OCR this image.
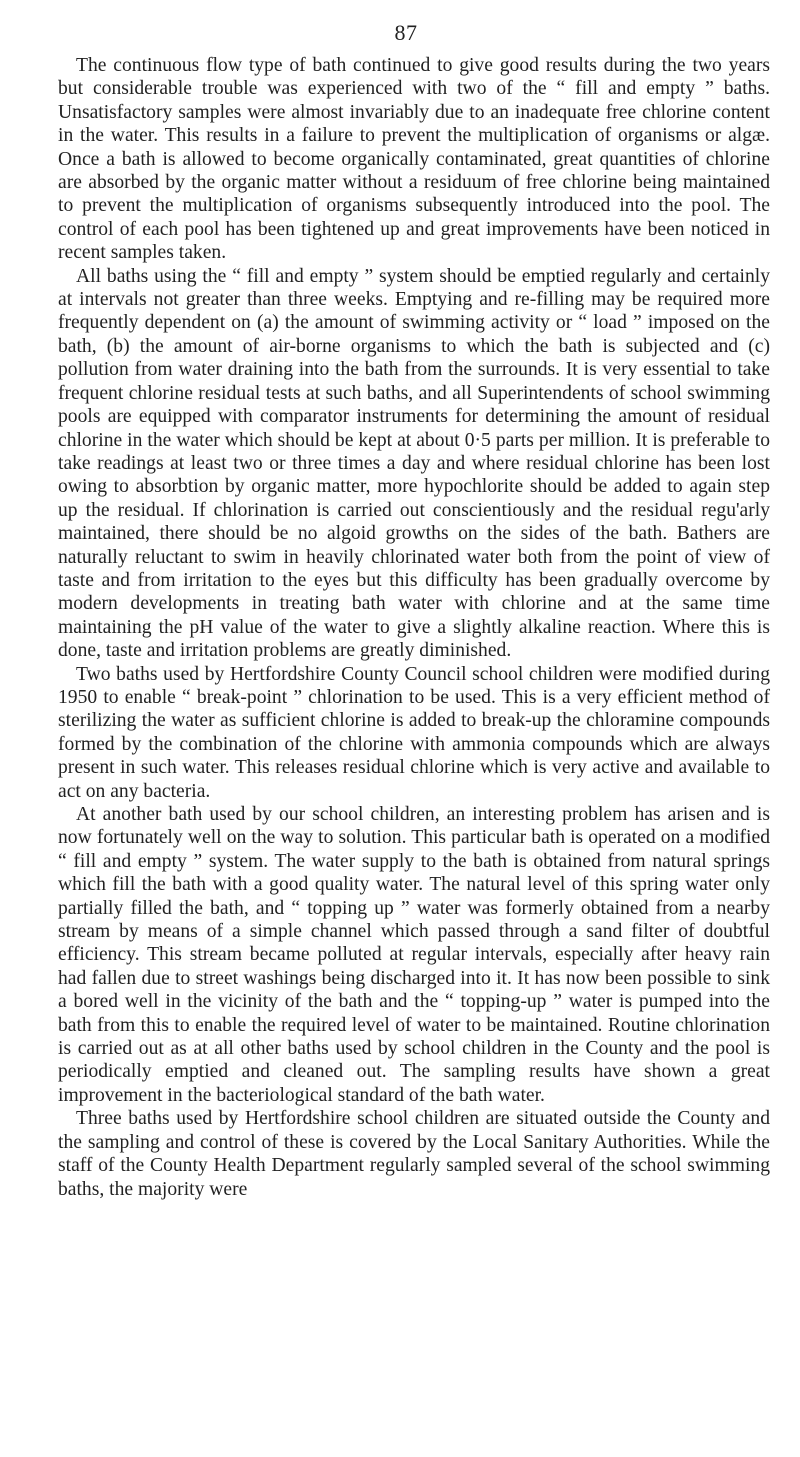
87

The continuous flow type of bath continued to give good results during the two years but considerable trouble was experienced with two of the “ fill and empty ” baths. Unsatisfactory samples were almost invariably due to an inadequate free chlorine content in the water. This results in a failure to prevent the multiplication of organisms or algæ. Once a bath is allowed to become organically contaminated, great quantities of chlorine are absorbed by the organic matter without a residuum of free chlorine being maintained to prevent the multiplication of organisms subsequently introduced into the pool. The control of each pool has been tightened up and great improvements have been noticed in recent samples taken.

All baths using the “ fill and empty ” system should be emptied regularly and certainly at intervals not greater than three weeks. Emptying and re-filling may be required more frequently dependent on (a) the amount of swimming activity or “ load ” imposed on the bath, (b) the amount of air-borne organisms to which the bath is subjected and (c) pollution from water draining into the bath from the surrounds. It is very essential to take frequent chlorine residual tests at such baths, and all Superintendents of school swimming pools are equipped with comparator instruments for determining the amount of residual chlorine in the water which should be kept at about 0·5 parts per million. It is preferable to take readings at least two or three times a day and where residual chlorine has been lost owing to absorbtion by organic matter, more hypochlorite should be added to again step up the residual. If chlorination is carried out conscientiously and the residual regu'arly maintained, there should be no algoid growths on the sides of the bath. Bathers are naturally reluctant to swim in heavily chlorinated water both from the point of view of taste and from irritation to the eyes but this difficulty has been gradually overcome by modern developments in treating bath water with chlorine and at the same time maintaining the pH value of the water to give a slightly alkaline reaction. Where this is done, taste and irritation problems are greatly diminished.

Two baths used by Hertfordshire County Council school children were modified during 1950 to enable “ break-point ” chlorination to be used. This is a very efficient method of sterilizing the water as sufficient chlorine is added to break-up the chloramine compounds formed by the combination of the chlorine with ammonia compounds which are always present in such water. This releases residual chlorine which is very active and available to act on any bacteria.

At another bath used by our school children, an interesting problem has arisen and is now fortunately well on the way to solution. This particular bath is operated on a modified “ fill and empty ” system. The water supply to the bath is obtained from natural springs which fill the bath with a good quality water. The natural level of this spring water only partially filled the bath, and “ topping up ” water was formerly obtained from a nearby stream by means of a simple channel which passed through a sand filter of doubtful efficiency. This stream became polluted at regular intervals, especially after heavy rain had fallen due to street washings being discharged into it. It has now been possible to sink a bored well in the vicinity of the bath and the “ topping-up ” water is pumped into the bath from this to enable the required level of water to be maintained. Routine chlorination is carried out as at all other baths used by school children in the County and the pool is periodically emptied and cleaned out. The sampling results have shown a great improvement in the bacteriological standard of the bath water.

Three baths used by Hertfordshire school children are situated outside the County and the sampling and control of these is covered by the Local Sanitary Authorities. While the staff of the County Health Department regularly sampled several of the school swimming baths, the majority were
